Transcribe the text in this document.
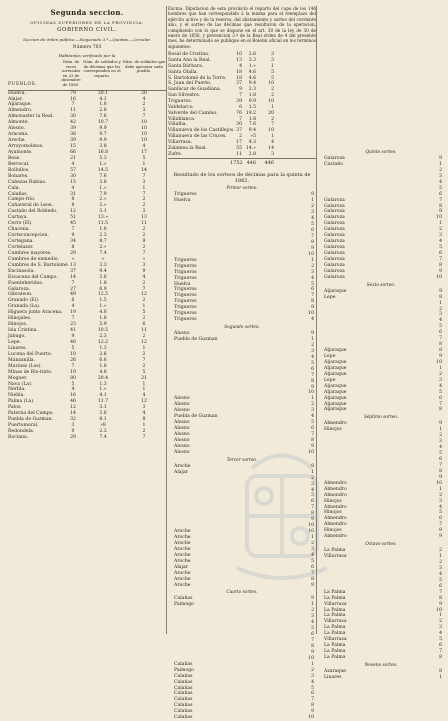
Segunda seccion.
OFICINAS SUPERIORES DE LA PROVINCIA.
GOBIERNO CIVIL.
Seccion de órden público.—Negociado 3.º—Quintas.—Circular.
Número 703
Habitantes verificado por la
PUEBLOS.
Núm. de veces sorteados en 23 de diciembre de 1860.
Núm. de soldados y de décimas que les corresponden en el reparto.
Núm. de soldados que debe aprontar cada pueblo.
Huelva.	79	20.1	20
Alajar.	16	4.1	4
Aljaraque.	7	1.8	2
Almendro.	11	2.8	3
Almonaster la Real.	30	7.6	7
Almonte.	42	10.7	10
Alosno.	39	9.9	10
Aracena.	38	9.7	10
Aroche.	39	9.9	10
Arroyomolinos.	15	3.8	4
Ayamonte.	66	16.8	17
Beas.	21	5.3	5
Berrocal.	4	1.»	1
Bollullos.	57	14.5	14
Bonares.	30	7.6	7
Cabezas Rubias.	15	3.8	3
Cala.	4	1.»	1
Calañas.	31	7.9	7
Campo-frío.	8	2.»	2
Cañaveral de Leon.	8	2.»	2
Castaño del Robledo.	12	3.1	3
Cartaya.	51	13.»	13
Cerro (El).	45	11.5	11
Chucena.	7	1.8	2
Corteconcepcion.	9	2.3	2
Cortegana.	34	8.7	9
Cortelazor.	8	2.»	2
Cumbres mayores.	29	7.4	7
Cumbres de enmedio.	»	»	»
Cumbres de S. Bartolomé. 13	3.3	3
Encinasola.	37	9.4	9
Escacena del Campo.	14	3.6	4
Fuenteheridos.	7	1.8	2
Galaroza.	27	6.9	7
Gibraleon.	49	12.5	12
Granado (El).	6	1.5	2
Granada (La).	4	1.»	1
Higuera junto Aracena.	19	4.8	5
Hinojales.	7	1.8	2
Hinojos.	23	5.9	6
Isla Cristina.	41	10.5	11
Jabugo.	9	2.3	2
Lepe.	48	12.2	12
Linares.	5	1.3	1
Lucena del Puerto.	10	2.6	2
Manzanilla.	26	6.6	7
Marines (Los).	7	1.8	2
Minas de Rio-tinto.	19	4.8	5
Moguer.	80	20.4	21
Nava (La).	5	1.3	1
Nerbla.	4	1.»	1
Niebla.	16	4.1	4
Palma (La).	46	11.7	12
Palos.	12	3.1	3
Paterna del Campo.	14	3.6	4
Puebla de Guzman.	32	8.1	8
Puertomoral.	3	»8	1
Redondela.	9	2.3	2
Rociana.	29	7.4	7
Excma. Diputacion de esta provincia el reparto del cupo de los 146 hombres que han correspondido á la misma para el reemplazo del ejército activo y de la reserva, del alistamiento y sorteo del corriente año, y el sorteo de las décimas que resultaron de la operacion, cumpliendo con lo que se dispone en el art. 30 de la ley de 30 de enero de 1856, y prevencion 3.ª de la Real órden de 4 del presente mes, he determinado se publique en el Boletin oficial en los términos siguientes:
Rosal de Cristina.	10	2.6	3
Santa Ana la Real.	13	3.3	3
Santa Bárbara.	4	1.»	1
Santa Olalla.	18	4.6	5
S. Bartolomé de la Torre.	18	4.6	5
S. Juan del Puerto.	37	9.4	10
Sanlúcar de Guadiana.	9	2.3	2
San Silvestre.	7	1.8	2
Trigueros.	39	9.9	10
Valdelarco.	6	1.5	1
Valverde del Camino.	76 19.2	20
Villablanca.	7	1.8	2
Villalba.	30	7.6	7
Villanueva de los Castillejos. 37	9.4	10
Villanueva de las Cruces.	2	»5	1
Villarrasa.	17	4.3	4
Zalamea la Real.	55 14.»	14
Zufre.	11	2.8	3
1752 446	446
Resultado de los sorteos de décimas para la quinta de 1862.
Primer sorteo.
Trigueros	9
Huelva	1
2
3
4
5
6
7
8
9
10
Trigueros	1
Trigueros	2
Trigueros	3
Trigueros	4
Huelva	5
Trigueros	6
Trigueros	7
Trigueros	8
Trigueros	9
Trigueros	10
Trigueros	4
Segundo sorteo.
Alosno	9
Puebla de Guzman	1
2
3
4
5
6
7
8
9
10
Alosno	1
Alosno	2
Alosno	3
Puebla de Guzman	4
Alosno	5
Alosno	6
Alosno	7
Alosno	8
Alosno	9
Alosno	10
Tercer sorteo.
Aroche	9
Alajar	1
2
3
4
5
6
7
8
9
10
Aroche	10
Aroche	1
Aroche	2
Aroche	3
Aroche	4
Aroche	5
Alajar	6
Aroche	7
Aroche	8
Aroche	9
Cuarto sorteo.
Calañas	9
Paimogo	1
2
3
4
5
6
7
8
9
10
Calañas	1
Paimogo	2
Calañas	3
Calañas	4
Calañas	5
Calañas	6
Calañas	7
Calañas	8
Calañas	9
Calañas	10
Quinto sorteo.
Galaroza	9
Castaño	1
2
3
4
5
6
Galaroza	7
Galaroza	8
Galaroza	9
Galaroza	10
Galaroza	1
Galaroza	2
Galaroza	3
Galaroza	4
Galaroza	5
Galaroza	6
Galaroza	7
Galaroza	8
Galaroza	9
Galaroza	10
Sexto sorteo.
Aljaraque	9
Lepe	8
1
2
3
4
5
6
7
8
Aljaraque	8
Lepe	9
Aljaraque	10
Aljaraque	1
Aljaraque	2
Lepe	3
Aljaraque	4
Aljaraque	5
Aljaraque	6
Aljaraque	7
Aljaraque	8
Séptimo sorteo.
Almendro	9
Hinojos	1
2
3
4
5
6
7
8
9
Almendro	10
Almendro	1
Almendro	2
Hinojos	3
Almendro	4
Hinojos	5
Almendro	6
Almendro	7
Hinojos	8
Almendro	9
Octavo sorteo.
La Palma	2
Villarrasa	1
2
3
4
5
6
La Palma	7
La Palma	8
Villarrasa	9
La Palma	10
La Palma	1
Villarrasa	2
La Palma	3
La Palma	4
Villarrasa	5
La Palma	6
La Palma	7
La Palma	8
Noveno sorteo.
Azaraque	8
Linares	1
